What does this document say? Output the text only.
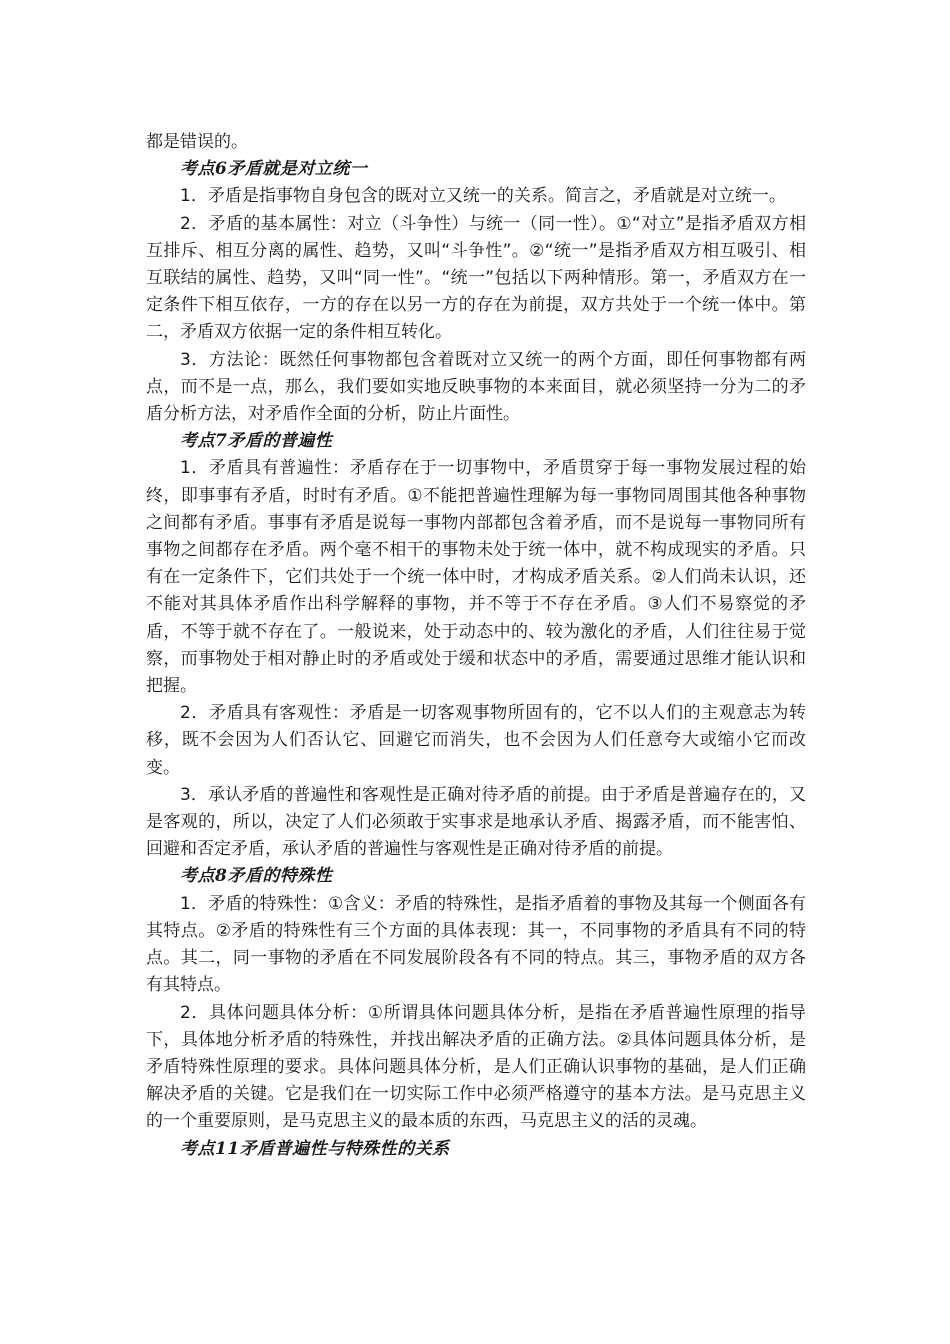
都是错误的。

考点6矛盾就是对立统一

1．矛盾是指事物自身包含的既对立又统一的关系。简言之，矛盾就是对立统一。

2．矛盾的基本属性：对立（斗争性）与统一（同一性）。①“对立”是指矛盾双方相互排斥、相互分离的属性、趋势，又叫“斗争性”。②“统一”是指矛盾双方相互吸引、相互联结的属性、趋势，又叫“同一性”。“统一”包括以下两种情形。第一，矛盾双方在一定条件下相互依存，一方的存在以另一方的存在为前提，双方共处于一个统一体中。第二，矛盾双方依据一定的条件相互转化。

3．方法论：既然任何事物都包含着既对立又统一的两个方面，即任何事物都有两点，而不是一点，那么，我们要如实地反映事物的本来面目，就必须坚持一分为二的矛盾分析方法，对矛盾作全面的分析，防止片面性。

考点7矛盾的普遍性

1．矛盾具有普遍性：矛盾存在于一切事物中，矛盾贯穿于每一事物发展过程的始终，即事事有矛盾，时时有矛盾。①不能把普遍性理解为每一事物同周围其他各种事物之间都有矛盾。事事有矛盾是说每一事物内部都包含着矛盾，而不是说每一事物同所有事物之间都存在矛盾。两个毫不相干的事物未处于统一体中，就不构成现实的矛盾。只有在一定条件下，它们共处于一个统一体中时，才构成矛盾关系。②人们尚未认识，还不能对其具体矛盾作出科学解释的事物，并不等于不存在矛盾。③人们不易察觉的矛盾，不等于就不存在了。一般说来，处于动态中的、较为激化的矛盾，人们往往易于觉察，而事物处于相对静止时的矛盾或处于缓和状态中的矛盾，需要通过思维才能认识和把握。

2．矛盾具有客观性：矛盾是一切客观事物所固有的，它不以人们的主观意志为转移，既不会因为人们否认它、回避它而消失，也不会因为人们任意夸大或缩小它而改变。

3．承认矛盾的普遍性和客观性是正确对待矛盾的前提。由于矛盾是普遍存在的，又是客观的，所以，决定了人们必须敢于实事求是地承认矛盾、揭露矛盾，而不能害怕、回避和否定矛盾，承认矛盾的普遍性与客观性是正确对待矛盾的前提。

考点8矛盾的特殊性

1．矛盾的特殊性：①含义：矛盾的特殊性，是指矛盾着的事物及其每一个侧面各有其特点。②矛盾的特殊性有三个方面的具体表现：其一，不同事物的矛盾具有不同的特点。其二，同一事物的矛盾在不同发展阶段各有不同的特点。其三，事物矛盾的双方各有其特点。

2．具体问题具体分析：①所谓具体问题具体分析，是指在矛盾普遍性原理的指导下，具体地分析矛盾的特殊性，并找出解决矛盾的正确方法。②具体问题具体分析，是矛盾特殊性原理的要求。具体问题具体分析，是人们正确认识事物的基础，是人们正确解决矛盾的关键。它是我们在一切实际工作中必须严格遵守的基本方法。是马克思主义的一个重要原则，是马克思主义的最本质的东西，马克思主义的活的灵魂。

考点11矛盾普遍性与特殊性的关系
